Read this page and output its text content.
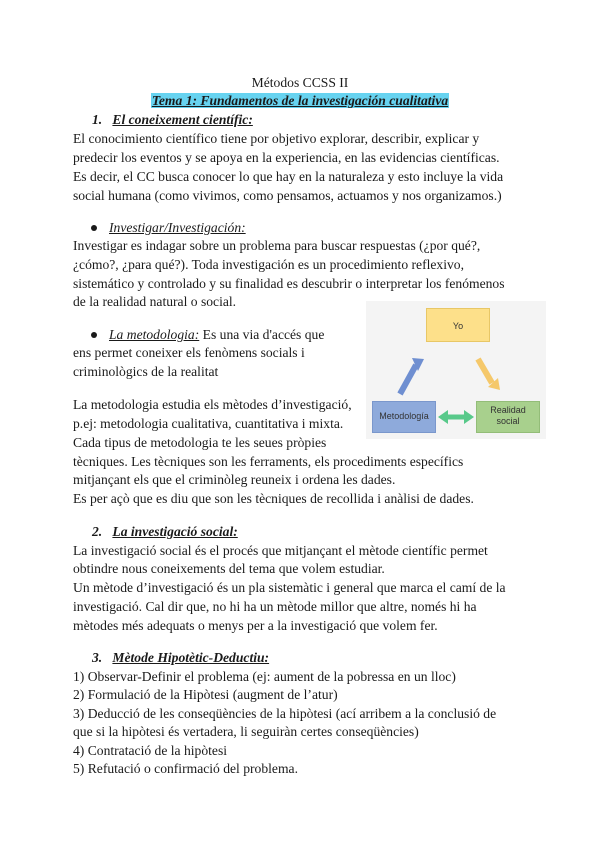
Métodos CCSS II
Tema 1: Fundamentos de la investigación cualitativa
1. El coneixement científic:
El conocimiento científico tiene por objetivo explorar, describir, explicar y
predecir los eventos y se apoya en la experiencia, en las evidencias científicas.
Es decir, el CC busca conocer lo que hay en la naturaleza y esto incluye la vida
social humana (como vivimos, como pensamos, actuamos y nos organizamos.)
Investigar/Investigación:
Investigar es indagar sobre un problema para buscar respuestas (¿por qué?,
¿cómo?, ¿para qué?). Toda investigación es un procedimiento reflexivo,
sistemático y controlado y su finalidad es descubrir o interpretar los fenómenos
de la realidad natural o social.
La metodologia: Es una via d'accés que
ens permet coneixer els fenòmens socials i
criminològics de la realitat
Yo
Metodología
Realidad social
La metodologia estudia els mètodes d’investigació,
p.ej: metodologia cualitativa, cuantitativa i mixta.
Cada tipus de metodologia te les seues pròpies
tècniques. Les tècniques son les ferraments, els procediments específics
mitjançant els que el criminòleg reuneix i ordena les dades.
Es per açò que es diu que son les tècniques de recollida i anàlisi de dades.
2. La investigació social:
La investigació social és el procés que mitjançant el mètode científic permet
obtindre nous coneixements del tema que volem estudiar.
Un mètode d’investigació és un pla sistemàtic i general que marca el camí de la
investigació. Cal dir que, no hi ha un mètode millor que altre, només hi ha
mètodes més adequats o menys per a la investigació que volem fer.
3. Mètode Hipotètic-Deductiu:
1) Observar-Definir el problema (ej: aument de la pobressa en un lloc)
2) Formulació de la Hipòtesi (augment de l’atur)
3) Deducció de les conseqüències de la hipòtesi (ací arribem a la conclusió de
que si la hipòtesi és vertadera, li seguiràn certes conseqüències)
4) Contratació de la hipòtesi
5) Refutació o confirmació del problema.
